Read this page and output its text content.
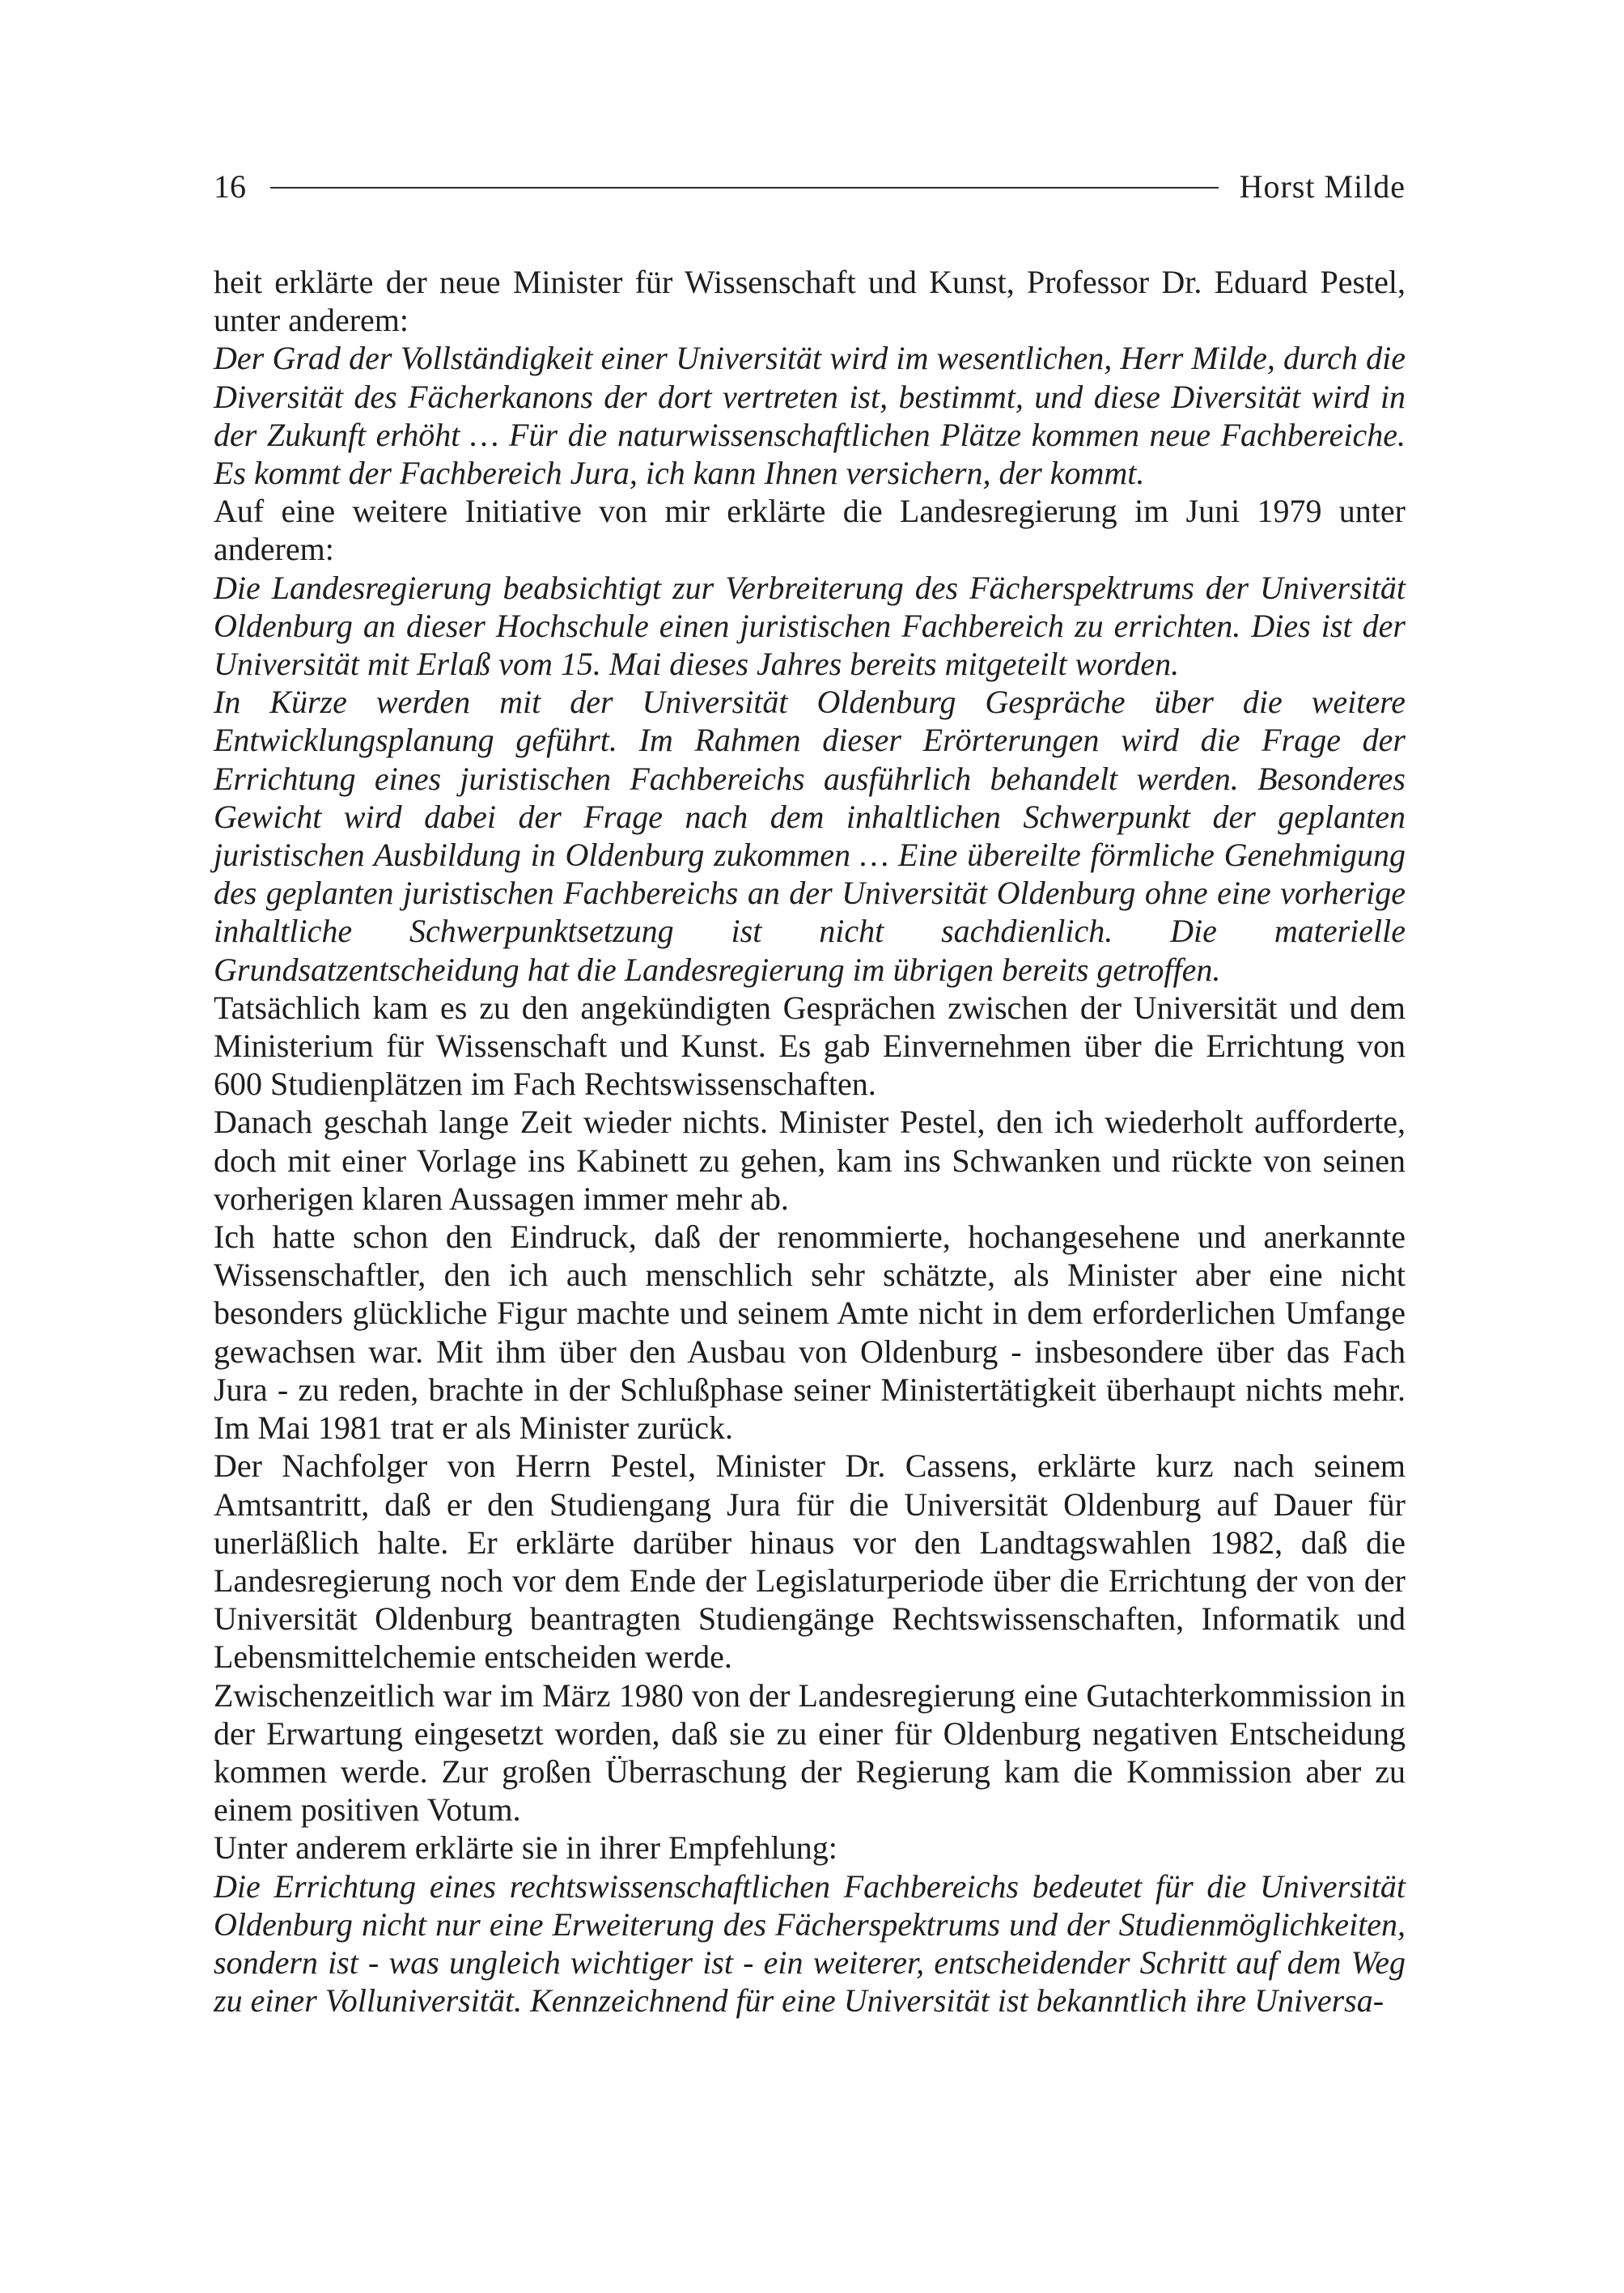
16	Horst Milde

heit erklärte der neue Minister für Wissenschaft und Kunst, Professor Dr. Eduard Pestel, unter anderem:

Der Grad der Vollständigkeit einer Universität wird im wesentlichen, Herr Milde, durch die Diversität des Fächerkanons der dort vertreten ist, bestimmt, und diese Diversität wird in der Zukunft erhöht … Für die naturwissenschaftlichen Plätze kommen neue Fachbereiche. Es kommt der Fachbereich Jura, ich kann Ihnen versichern, der kommt.

Auf eine weitere Initiative von mir erklärte die Landesregierung im Juni 1979 unter anderem:

Die Landesregierung beabsichtigt zur Verbreiterung des Fächerspektrums der Universität Oldenburg an dieser Hochschule einen juristischen Fachbereich zu errichten. Dies ist der Universität mit Erlaß vom 15. Mai dieses Jahres bereits mitgeteilt worden.

In Kürze werden mit der Universität Oldenburg Gespräche über die weitere Entwicklungsplanung geführt. Im Rahmen dieser Erörterungen wird die Frage der Errichtung eines juristischen Fachbereichs ausführlich behandelt werden. Besonderes Gewicht wird dabei der Frage nach dem inhaltlichen Schwerpunkt der geplanten juristischen Ausbildung in Oldenburg zukommen … Eine übereilte förmliche Genehmigung des geplanten juristischen Fachbereichs an der Universität Oldenburg ohne eine vorherige inhaltliche Schwerpunktsetzung ist nicht sachdienlich. Die materielle Grundsatzentscheidung hat die Landesregierung im übrigen bereits getroffen.

Tatsächlich kam es zu den angekündigten Gesprächen zwischen der Universität und dem Ministerium für Wissenschaft und Kunst. Es gab Einvernehmen über die Errichtung von 600 Studienplätzen im Fach Rechtswissenschaften.

Danach geschah lange Zeit wieder nichts. Minister Pestel, den ich wiederholt aufforderte, doch mit einer Vorlage ins Kabinett zu gehen, kam ins Schwanken und rückte von seinen vorherigen klaren Aussagen immer mehr ab.

Ich hatte schon den Eindruck, daß der renommierte, hochangesehene und anerkannte Wissenschaftler, den ich auch menschlich sehr schätzte, als Minister aber eine nicht besonders glückliche Figur machte und seinem Amte nicht in dem erforderlichen Umfange gewachsen war. Mit ihm über den Ausbau von Oldenburg - insbesondere über das Fach Jura - zu reden, brachte in der Schlußphase seiner Ministertätigkeit überhaupt nichts mehr. Im Mai 1981 trat er als Minister zurück.

Der Nachfolger von Herrn Pestel, Minister Dr. Cassens, erklärte kurz nach seinem Amtsantritt, daß er den Studiengang Jura für die Universität Oldenburg auf Dauer für unerläßlich halte. Er erklärte darüber hinaus vor den Landtagswahlen 1982, daß die Landesregierung noch vor dem Ende der Legislaturperiode über die Errichtung der von der Universität Oldenburg beantragten Studiengänge Rechtswissenschaften, Informatik und Lebensmittelchemie entscheiden werde.

Zwischenzeitlich war im März 1980 von der Landesregierung eine Gutachterkommission in der Erwartung eingesetzt worden, daß sie zu einer für Oldenburg negativen Entscheidung kommen werde. Zur großen Überraschung der Regierung kam die Kommission aber zu einem positiven Votum.

Unter anderem erklärte sie in ihrer Empfehlung:

Die Errichtung eines rechtswissenschaftlichen Fachbereichs bedeutet für die Universität Oldenburg nicht nur eine Erweiterung des Fächerspektrums und der Studienmöglichkeiten, sondern ist - was ungleich wichtiger ist - ein weiterer, entscheidender Schritt auf dem Weg zu einer Volluniversität. Kennzeichnend für eine Universität ist bekanntlich ihre Universa-
